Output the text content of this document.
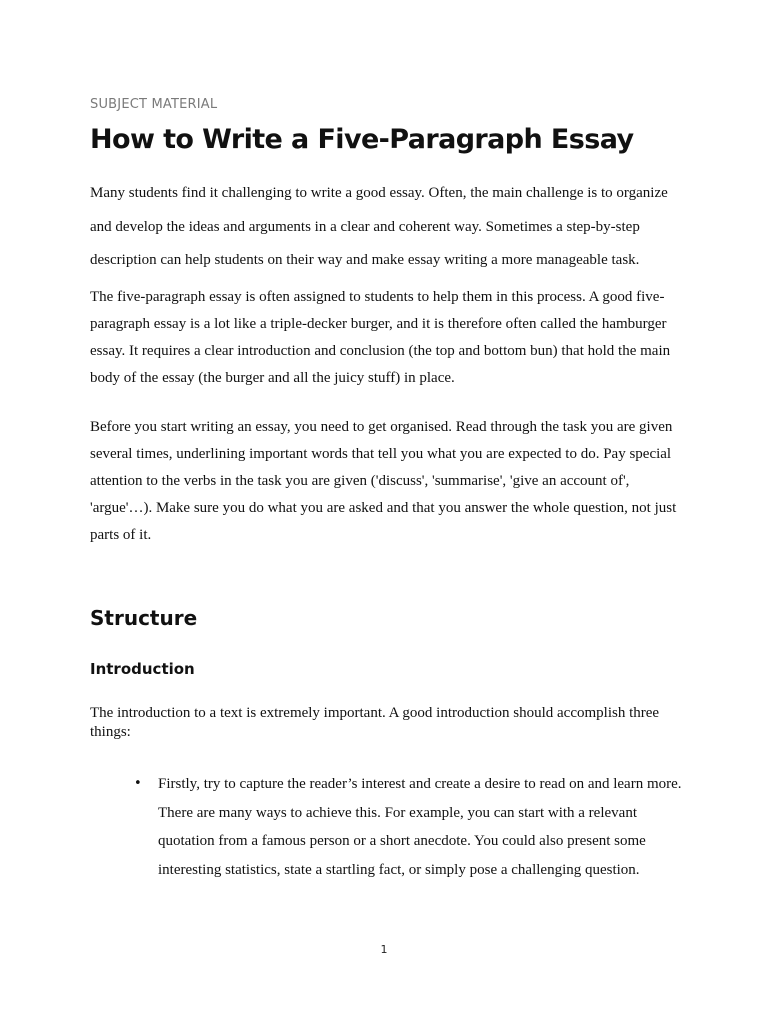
SUBJECT MATERIAL
How to Write a Five-Paragraph Essay

Many students find it challenging to write a good essay. Often, the main challenge is to organize and develop the ideas and arguments in a clear and coherent way. Sometimes a step-by-step description can help students on their way and make essay writing a more manageable task.

The five-paragraph essay is often assigned to students to help them in this process. A good five-paragraph essay is a lot like a triple-decker burger, and it is therefore often called the hamburger essay. It requires a clear introduction and conclusion (the top and bottom bun) that hold the main body of the essay (the burger and all the juicy stuff) in place.

Before you start writing an essay, you need to get organised. Read through the task you are given several times, underlining important words that tell you what you are expected to do. Pay special attention to the verbs in the task you are given ('discuss', 'summarise', 'give an account of', 'argue'…). Make sure you do what you are asked and that you answer the whole question, not just parts of it.

Structure
Introduction

The introduction to a text is extremely important. A good introduction should accomplish three things:

• Firstly, try to capture the reader’s interest and create a desire to read on and learn more. There are many ways to achieve this. For example, you can start with a relevant quotation from a famous person or a short anecdote. You could also present some interesting statistics, state a startling fact, or simply pose a challenging question.
1
